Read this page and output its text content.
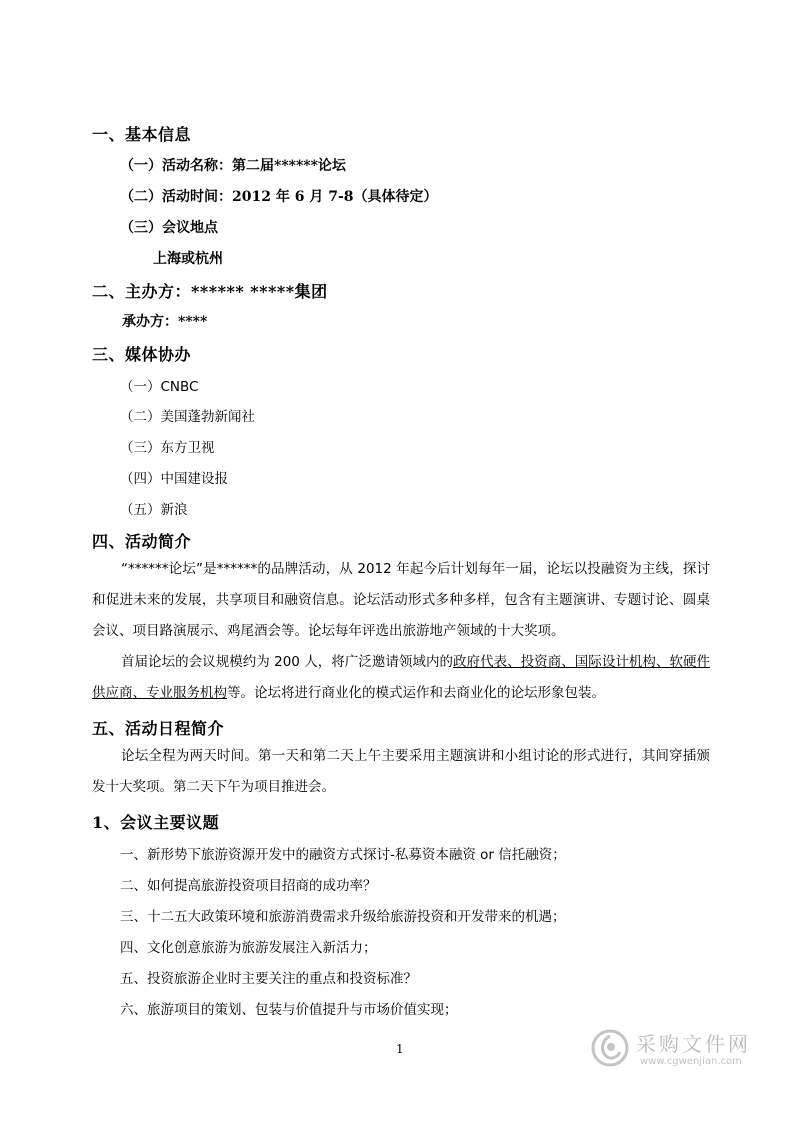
一、基本信息
（一）活动名称：第二届******论坛
（二）活动时间：2012 年 6 月 7-8（具体待定）
（三）会议地点
上海或杭州
二、主办方：****** *****集团
承办方：****
三、媒体协办
（一）CNBC
（二）美国蓬勃新闻社
（三）东方卫视
（四）中国建设报
（五）新浪
四、活动简介
“******论坛”是******的品牌活动，从 2012 年起今后计划每年一届，论坛以投融资为主线，探讨和促进未来的发展，共享项目和融资信息。论坛活动形式多种多样，包含有主题演讲、专题讨论、圆桌会议、项目路演展示、鸡尾酒会等。论坛每年评选出旅游地产领域的十大奖项。
首届论坛的会议规模约为 200 人，将广泛邀请领域内的政府代表、投资商、国际设计机构、软硬件供应商、专业服务机构等。论坛将进行商业化的模式运作和去商业化的论坛形象包装。
五、活动日程简介
论坛全程为两天时间。第一天和第二天上午主要采用主题演讲和小组讨论的形式进行，其间穿插颁发十大奖项。第二天下午为项目推进会。
1、会议主要议题
一、新形势下旅游资源开发中的融资方式探讨-私募资本融资 or 信托融资；
二、如何提高旅游投资项目招商的成功率？
三、十二五大政策环境和旅游消费需求升级给旅游投资和开发带来的机遇；
四、文化创意旅游为旅游发展注入新活力；
五、投资旅游企业时主要关注的重点和投资标准？
六、旅游项目的策划、包装与价值提升与市场价值实现；
1	采购文件网
www.cgwenjian.com
